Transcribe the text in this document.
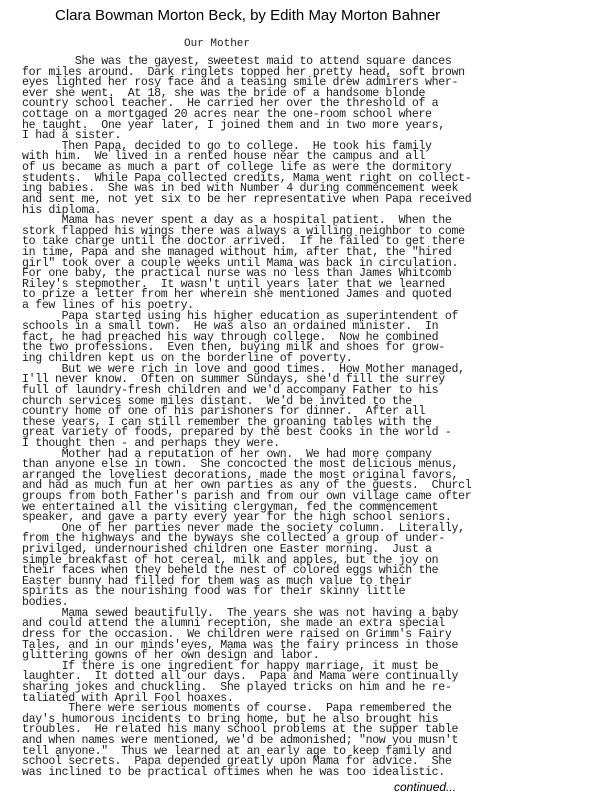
Clara Bowman Morton Beck, by Edith May Morton Bahner
Our Mother
She was the gayest, sweetest maid to attend square dances
for miles around.  Dark ringlets topped her pretty head, soft brown
eyes lighted her rosy face and a teasing smile drew admirers wher-
ever she went.  At 18, she was the bride of a handsome blonde
country school teacher.  He carried her over the threshold of a
cottage on a mortgaged 20 acres near the one-room school where
he taught.  One year later, I joined them and in two more years,
I had a sister.
Then Papa, decided to go to college.  He took his family
with him.  We lived in a rented house near the campus and all
of us became as much a part of college life as were the dormitory
students.  While Papa collected credits, Mama went right on collect-
ing babies.  She was in bed with Number 4 during commencement week
and sent me, not yet six to be her representative when Papa received
his diploma.
Mama has never spent a day as a hospital patient.  When the
stork flapped his wings there was always a willing neighbor to come
to take charge until the doctor arrived.  If he failed to get there
in time, Papa and she managed without him, after that, the "hired
girl" took over a couple weeks until Mama was back in circulation.
For one baby, the practical nurse was no less than James Whitcomb
Riley's stepmother.  It wasn't until years later that we learned
to prize a letter from her wherein she mentioned James and quoted
a few lines of his poetry.
Papa started using his higher education as superintendent of
schools in a small town.  He was also an ordained minister.  In
fact, he had preached his way through college.  Now he combined
the two professions.  Even then, buying milk and shoes for grow-
ing children kept us on the borderline of poverty.
But we were rich in love and good times.  How Mother managed,
I'll never know.  Often on summer Sundays, she'd fill the surrey
full of laundry-fresh children and we'd accompany Father to his
church services some miles distant.  We'd be invited to the
country home of one of his parishoners for dinner.  After all
these years, I can still remember the groaning tables with the
great variety of foods, prepared by the best cooks in the world -
I thought then - and perhaps they were.
Mother had a reputation of her own.  We had more company
than anyone else in town.  She concocted the most delicious menus,
arranged the loveliest decorations, made the most original favors,
and had as much fun at her own parties as any of the guests.  Churcl
groups from both Father's parish and from our own village came ofter
we entertained all the visiting clergyman, fed the commencement
speaker, and gave a party every year for the high school seniors.
One of her parties never made the society column.  Literally,
from the highways and the byways she collected a group of under-
privilged, undernourished children one Easter morning.  Just a
simple breakfast of hot cereal, milk and apples, but the joy on
their faces when they beheld the nest of colored eggs which the
Easter bunny had filled for them was as much value to their
spirits as the nourishing food was for their skinny little
bodies.
Mama sewed beautifully.  The years she was not having a baby
and could attend the alumni reception, she made an extra special
dress for the occasion.  We children were raised on Grimm's Fairy
Tales, and in our minds'eyes, Mama was the fairy princess in those
glittering gowns of her own design and labor.
If there is one ingredient for happy marriage, it must be
laughter.  It dotted all our days.  Papa and Mama were continually
sharing jokes and chuckling.  She played tricks on him and he re-
taliated with April Fool hoaxes.
There were serious moments of course.  Papa remembered the
day's humorous incidents to bring home, but he also brought his
troubles.  He related his many school problems at the supper table
and when names were mentioned, we'd be admonished; "now you musn't
tell anyone."  Thus we learned at an early age to keep family and
school secrets.  Papa depended greatly upon Mama for advice.  She
was inclined to be practical oftimes when he was too idealistic.
continued...
